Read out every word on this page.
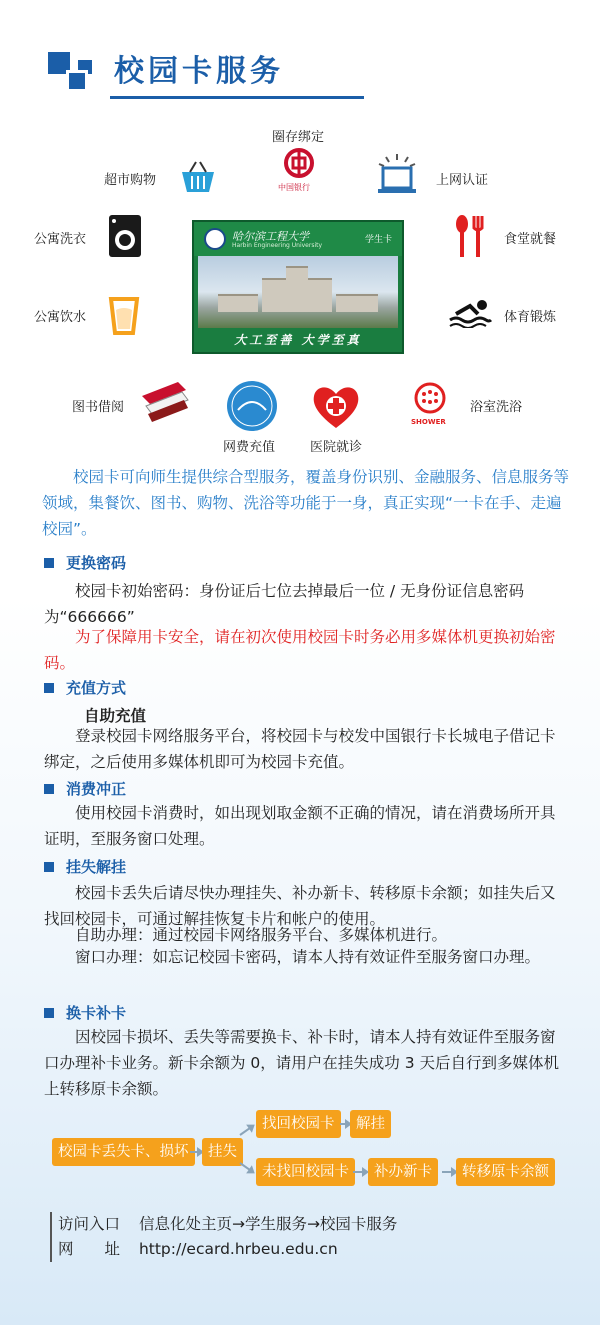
校园卡服务
圈存绑定
中国银行
超市购物	上网认证
公寓洗衣	食堂就餐
公寓饮水	体育锻炼
哈尔滨工程大学
Harbin Engineering University
学生卡
大工至善 大学至真
图书借阅
网费充值	医院就诊
SHOWER
浴室洗浴
校园卡可向师生提供综合型服务，覆盖身份识别、金融服务、信息服务等领域，集餐饮、图书、购物、洗浴等功能于一身，真正实现“一卡在手、走遍校园”。
更换密码
校园卡初始密码：身份证后七位去掉最后一位 / 无身份证信息密码为“666666”
为了保障用卡安全，请在初次使用校园卡时务必用多媒体机更换初始密码。
充值方式
自助充值
登录校园卡网络服务平台，将校园卡与校发中国银行卡长城电子借记卡绑定，之后使用多媒体机即可为校园卡充值。
消费冲正
使用校园卡消费时，如出现划取金额不正确的情况，请在消费场所开具证明，至服务窗口处理。
挂失解挂
校园卡丢失后请尽快办理挂失、补办新卡、转移原卡余额；如挂失后又找回校园卡，可通过解挂恢复卡片和帐户的使用。
自助办理：通过校园卡网络服务平台、多媒体机进行。
窗口办理：如忘记校园卡密码，请本人持有效证件至服务窗口办理。
换卡补卡
因校园卡损坏、丢失等需要换卡、补卡时，请本人持有效证件至服务窗口办理补卡业务。新卡余额为 0，请用户在挂失成功 3 天后自行到多媒体机上转移原卡余额。
校园卡丢失卡、损坏	挂失
找回校园卡	解挂
未找回校园卡	补办新卡	转移原卡余额
访问入口 信息化处主页→学生服务→校园卡服务
网　　址 http://ecard.hrbeu.edu.cn
